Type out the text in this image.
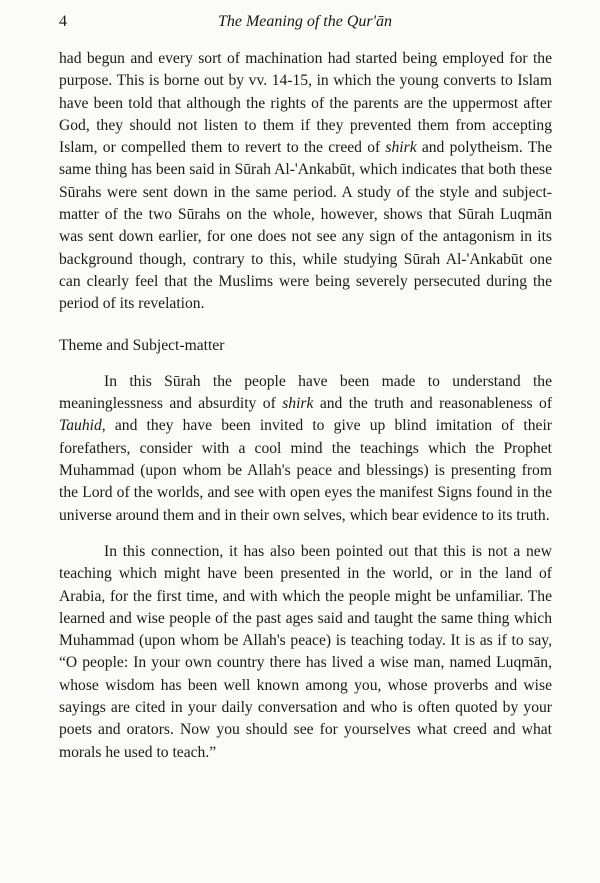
4	The Meaning of the Qur'ān

had begun and every sort of machination had started being employed for the purpose. This is borne out by vv. 14-15, in which the young converts to Islam have been told that although the rights of the parents are the uppermost after God, they should not listen to them if they prevented them from accepting Islam, or compelled them to revert to the creed of shirk and polytheism. The same thing has been said in Sūrah Al-'Ankabūt, which indicates that both these Sūrahs were sent down in the same period. A study of the style and subject-matter of the two Sūrahs on the whole, however, shows that Sūrah Luqmān was sent down earlier, for one does not see any sign of the antagonism in its background though, contrary to this, while studying Sūrah Al-'Ankabūt one can clearly feel that the Muslims were being severely persecuted during the period of its revelation.

Theme and Subject-matter

In this Sūrah the people have been made to understand the meaninglessness and absurdity of shirk and the truth and reasonableness of Tauhid, and they have been invited to give up blind imitation of their forefathers, consider with a cool mind the teachings which the Prophet Muhammad (upon whom be Allah's peace and blessings) is presenting from the Lord of the worlds, and see with open eyes the manifest Signs found in the universe around them and in their own selves, which bear evidence to its truth.

In this connection, it has also been pointed out that this is not a new teaching which might have been presented in the world, or in the land of Arabia, for the first time, and with which the people might be unfamiliar. The learned and wise people of the past ages said and taught the same thing which Muhammad (upon whom be Allah's peace) is teaching today. It is as if to say, “O people: In your own country there has lived a wise man, named Luqmān, whose wisdom has been well known among you, whose proverbs and wise sayings are cited in your daily conversation and who is often quoted by your poets and orators. Now you should see for yourselves what creed and what morals he used to teach.”
